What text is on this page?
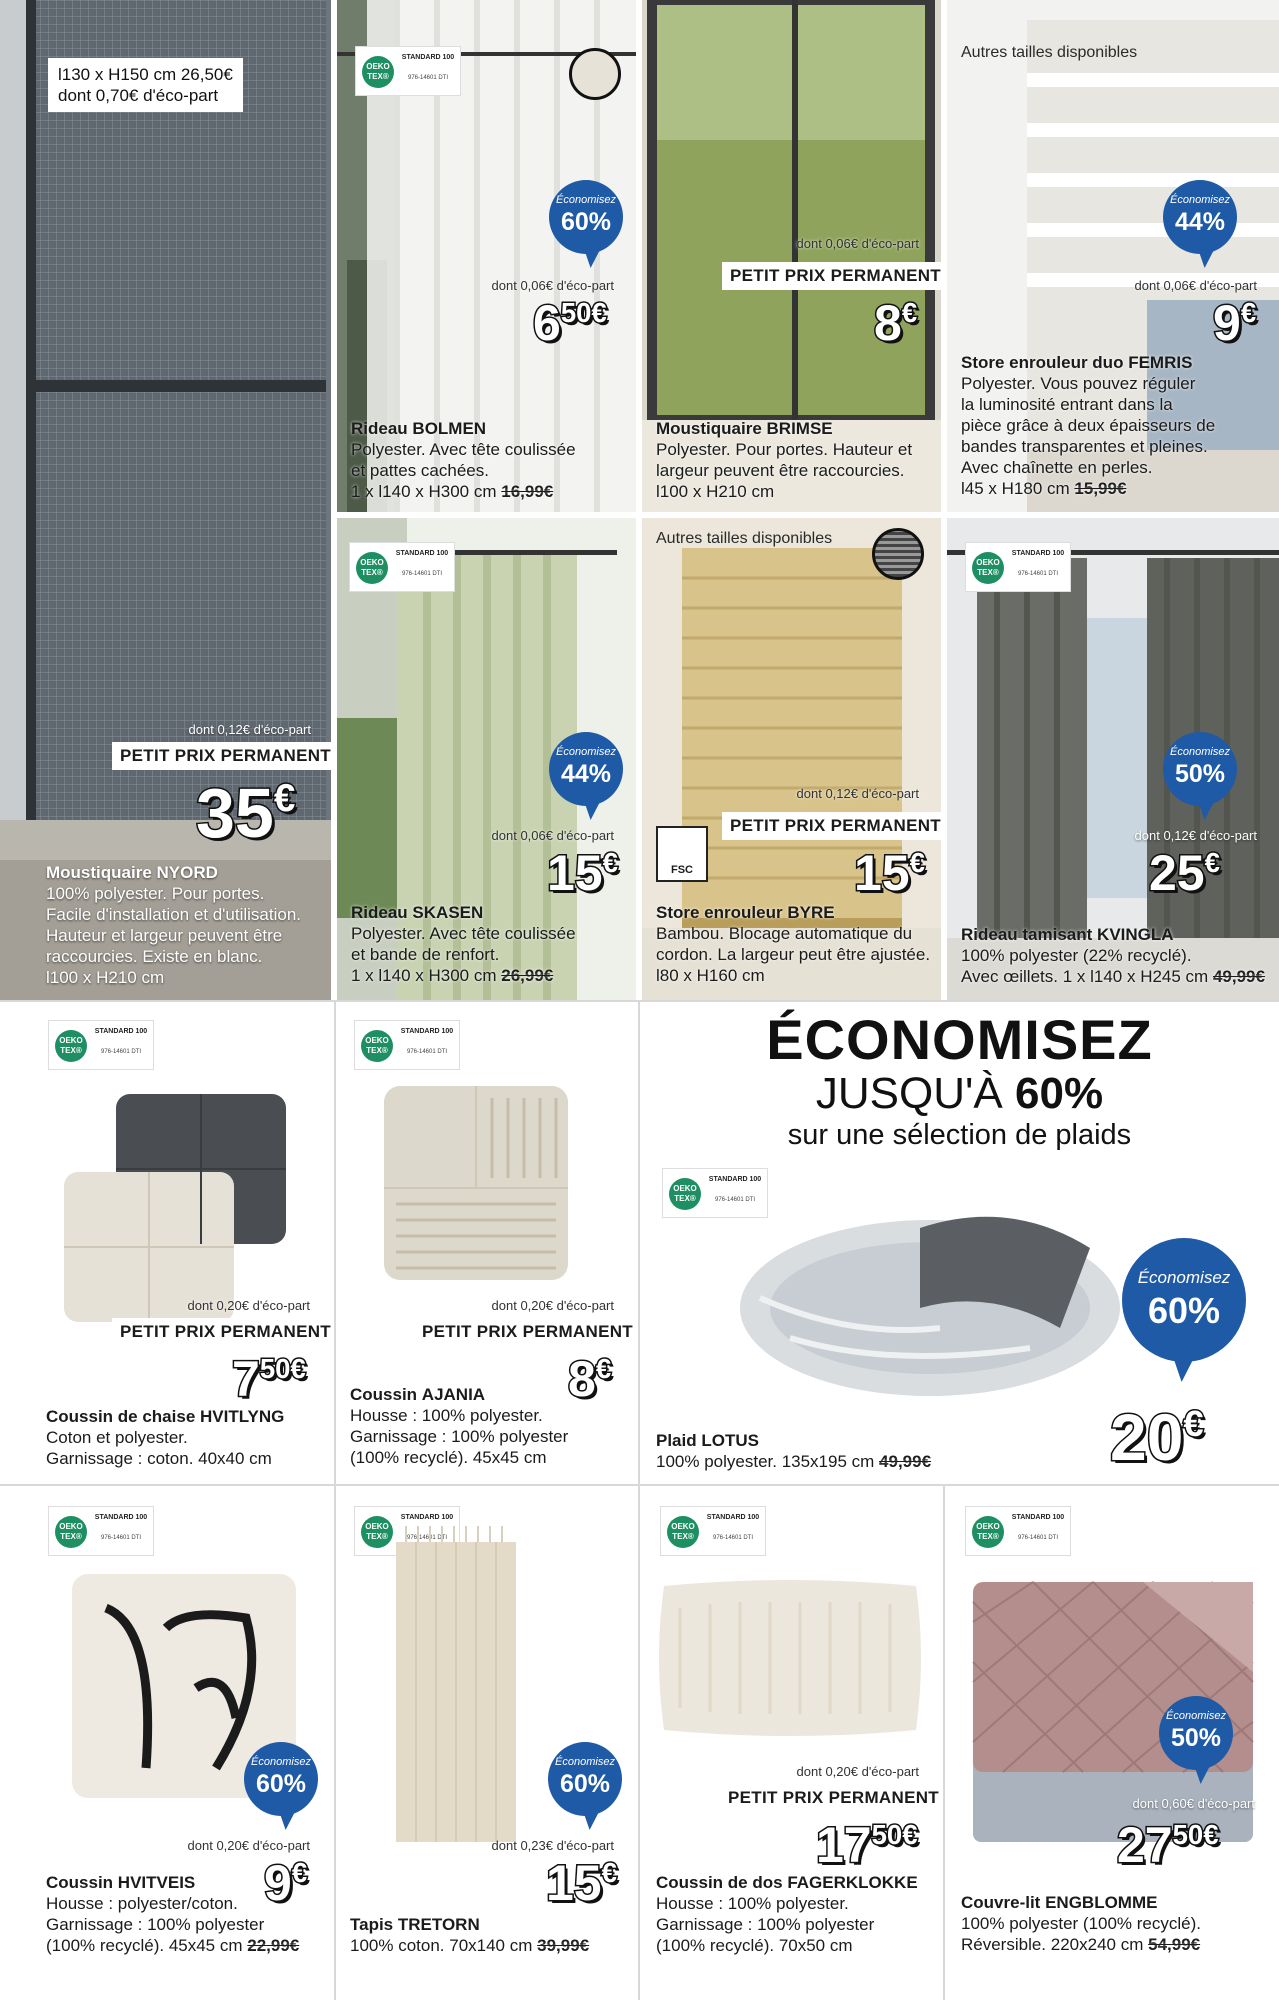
l130 x H150 cm 26,50€
dont 0,70€ d'éco-part
dont 0,12€ d'éco-part
PETIT PRIX PERMANENT
35€
Moustiquaire NYORD
100% polyester. Pour portes.
Facile d'installation et d'utilisation.
Hauteur et largeur peuvent être
raccourcies. Existe en blanc.
l100 x H210 cm
OEKO TEX®
STANDARD 100
976-14601 DTI
Économisez
60%
dont 0,06€ d'éco-part
$6^{50€}$
Rideau BOLMEN
Polyester. Avec tête coulissée
et pattes cachées.
1 x l140 x H300 cm 16,99€
dont 0,06€ d'éco-part
PETIT PRIX PERMANENT
8€
Moustiquaire BRIMSE
Polyester. Pour portes. Hauteur et
largeur peuvent être raccourcies.
l100 x H210 cm
Autres tailles disponibles
Économisez
44%
dont 0,06€ d'éco-part
9€
Store enrouleur duo FEMRIS
Polyester. Vous pouvez réguler
la luminosité entrant dans la
pièce grâce à deux épaisseurs de
bandes transparentes et pleines.
Avec chaînette en perles.
l45 x H180 cm 15,99€
OEKO TEX®
STANDARD 100
976-14601 DTI
Économisez
44%
dont 0,06€ d'éco-part
15€
Rideau SKASEN
Polyester. Avec tête coulissée
et bande de renfort.
1 x l140 x H300 cm 26,99€
Autres tailles disponibles
dont 0,12€ d'éco-part
FSC
PETIT PRIX PERMANENT
15€
Store enrouleur BYRE
Bambou. Blocage automatique du
cordon. La largeur peut être ajustée.
l80 x H160 cm
OEKO TEX®
STANDARD 100
976-14601 DTI
Économisez
50%
dont 0,12€ d'éco-part
25€
Rideau tamisant KVINGLA
100% polyester (22% recyclé).
Avec œillets. 1 x l140 x H245 cm 49,99€
OEKO TEX®
STANDARD 100
976-14601 DTI
dont 0,20€ d'éco-part
PETIT PRIX PERMANENT
$7^{50€}$
Coussin de chaise HVITLYNG
Coton et polyester.
Garnissage : coton. 40x40 cm
OEKO TEX®
STANDARD 100
976-14601 DTI
dont 0,20€ d'éco-part
PETIT PRIX PERMANENT
8€
Coussin AJANIA
Housse : 100% polyester.
Garnissage : 100% polyester
(100% recyclé). 45x45 cm
ÉCONOMISEZ
JUSQU'À 60%
sur une sélection de plaids
OEKO TEX®
STANDARD 100
976-14601 DTI
Économisez
60%
20€
Plaid LOTUS
100% polyester. 135x195 cm 49,99€
OEKO TEX®
STANDARD 100
976-14601 DTI
Économisez
60%
dont 0,20€ d'éco-part
9€
Coussin HVITVEIS
Housse : polyester/coton.
Garnissage : 100% polyester
(100% recyclé). 45x45 cm 22,99€
OEKO TEX®
STANDARD 100
976-14601 DTI
Économisez
60%
dont 0,23€ d'éco-part
15€
Tapis TRETORN
100% coton. 70x140 cm 39,99€
OEKO TEX®
STANDARD 100
976-14601 DTI
dont 0,20€ d'éco-part
PETIT PRIX PERMANENT
$17^{50€}$
Coussin de dos FAGERKLOKKE
Housse : 100% polyester.
Garnissage : 100% polyester
(100% recyclé). 70x50 cm
OEKO TEX®
STANDARD 100
976-14601 DTI
Économisez
50%
dont 0,60€ d'éco-part
$27^{50€}$
Couvre-lit ENGBLOMME
100% polyester (100% recyclé).
Réversible. 220x240 cm 54,99€
